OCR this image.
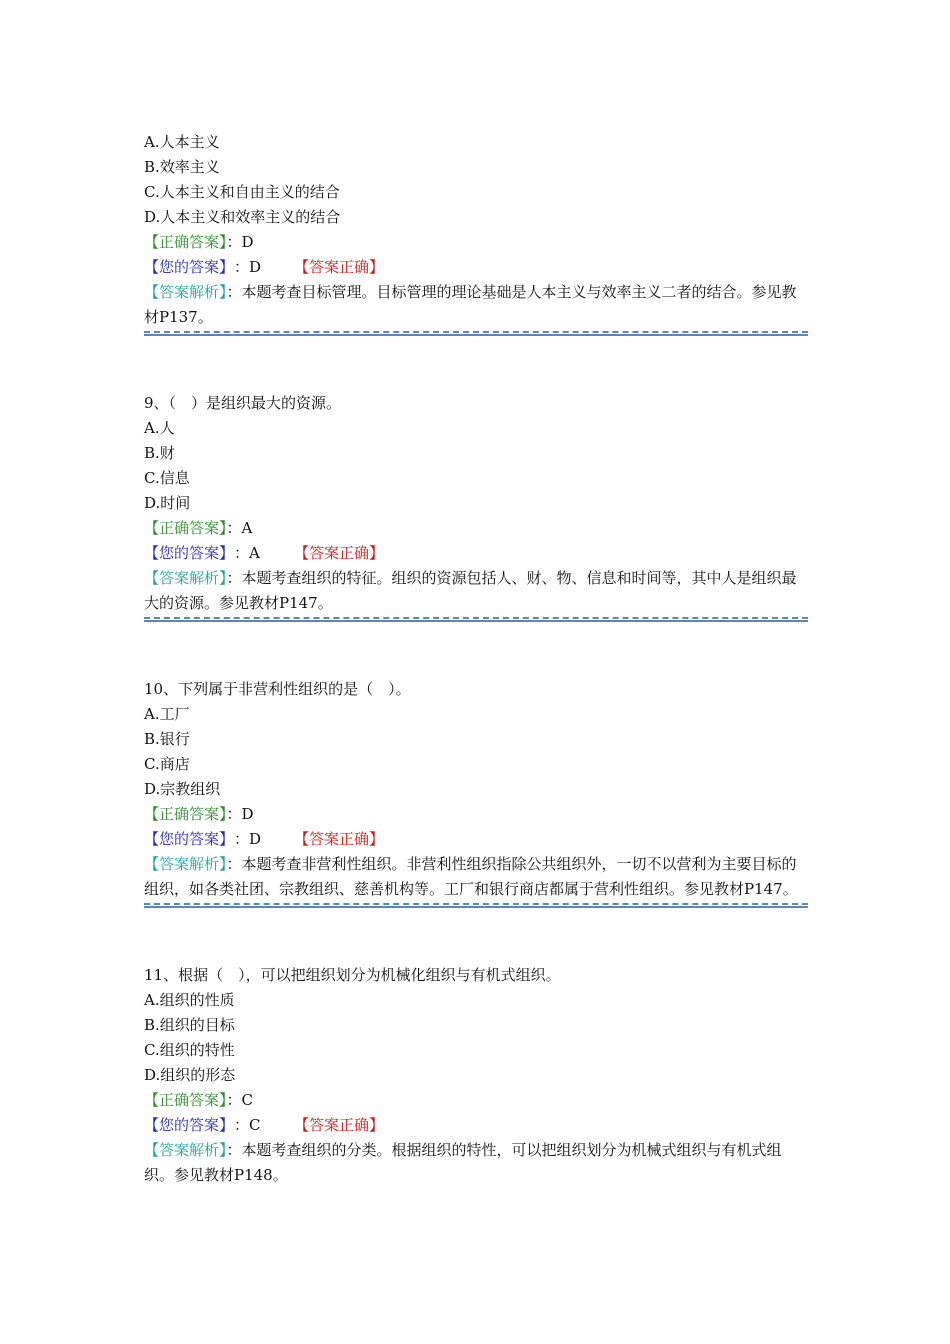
A.人本主义
B.效率主义
C.人本主义和自由主义的结合
D.人本主义和效率主义的结合
【正确答案】：D
【您的答案】：D 【答案正确】
【答案解析】：本题考查目标管理。目标管理的理论基础是人本主义与效率主义二者的结合。参见教材P137。
9、（　）是组织最大的资源。
A.人
B.财
C.信息
D.时间
【正确答案】：A
【您的答案】：A 【答案正确】
【答案解析】：本题考查组织的特征。组织的资源包括人、财、物、信息和时间等，其中人是组织最大的资源。参见教材P147。
10、下列属于非营利性组织的是（　）。
A.工厂
B.银行
C.商店
D.宗教组织
【正确答案】：D
【您的答案】：D 【答案正确】
【答案解析】：本题考查非营利性组织。非营利性组织指除公共组织外，一切不以营利为主要目标的组织，如各类社团、宗教组织、慈善机构等。工厂和银行商店都属于营利性组织。参见教材P147。
11、根据（　），可以把组织划分为机械化组织与有机式组织。
A.组织的性质
B.组织的目标
C.组织的特性
D.组织的形态
【正确答案】：C
【您的答案】：C 【答案正确】
【答案解析】：本题考查组织的分类。根据组织的特性，可以把组织划分为机械式组织与有机式组织。参见教材P148。
